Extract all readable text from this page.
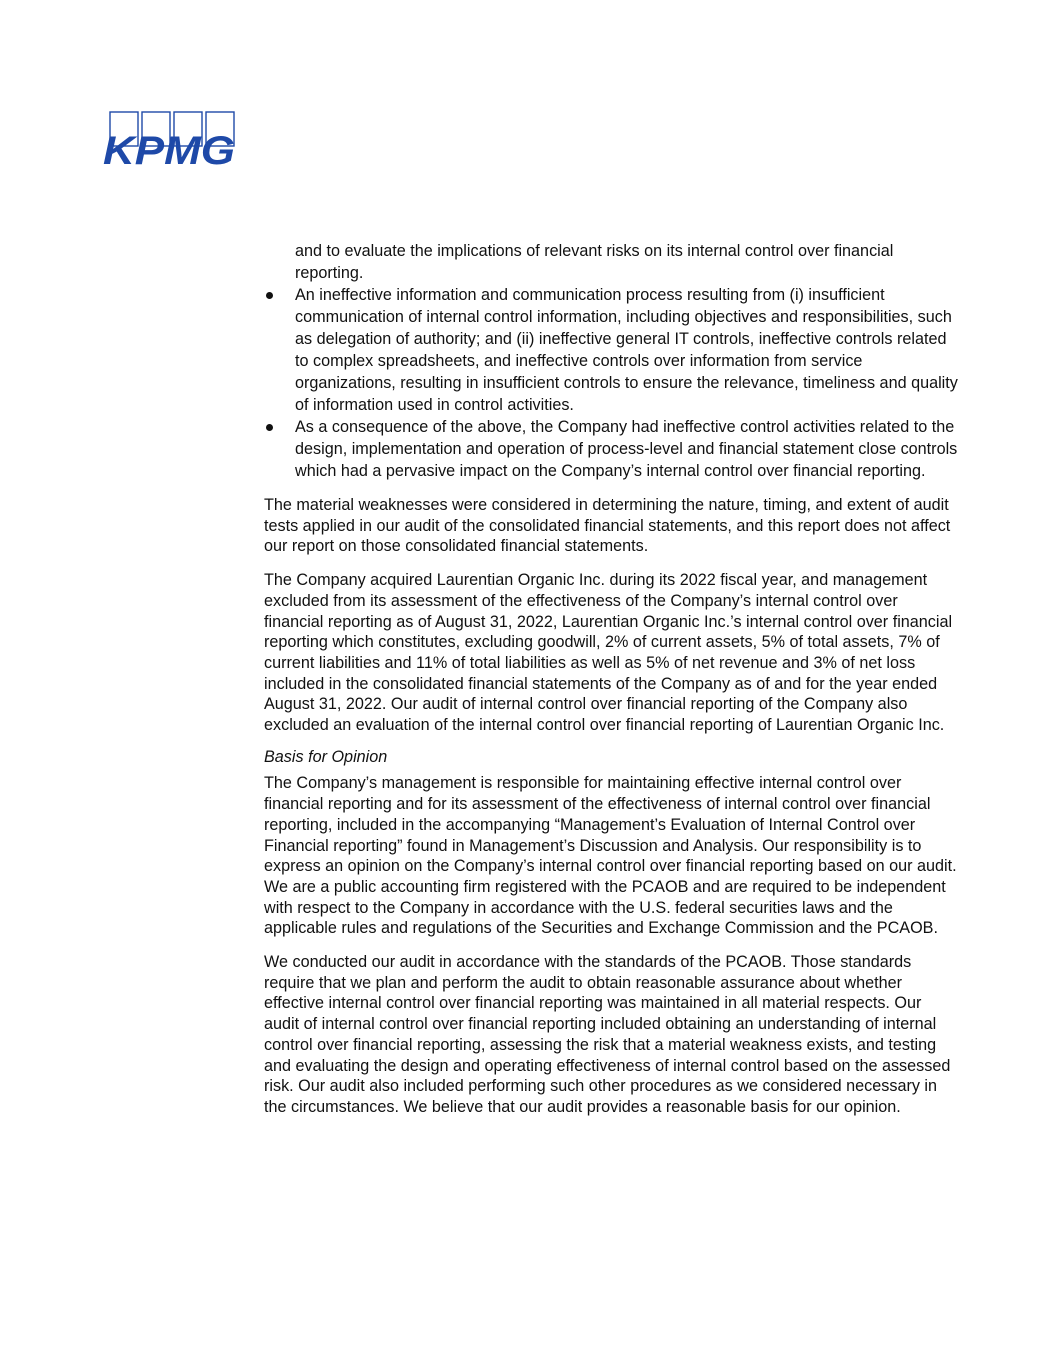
KPMG
and to evaluate the implications of relevant risks on its internal control over financial reporting.
An ineffective information and communication process resulting from (i) insufficient communication of internal control information, including objectives and responsibilities, such as delegation of authority; and (ii) ineffective general IT controls, ineffective controls related to complex spreadsheets, and ineffective controls over information from service organizations, resulting in insufficient controls to ensure the relevance, timeliness and quality of information used in control activities.
As a consequence of the above, the Company had ineffective control activities related to the design, implementation and operation of process-level and financial statement close controls which had a pervasive impact on the Company’s internal control over financial reporting.

The material weaknesses were considered in determining the nature, timing, and extent of audit tests applied in our audit of the consolidated financial statements, and this report does not affect our report on those consolidated financial statements.

The Company acquired Laurentian Organic Inc. during its 2022 fiscal year, and management excluded from its assessment of the effectiveness of the Company’s internal control over financial reporting as of August 31, 2022, Laurentian Organic Inc.’s internal control over financial reporting which constitutes, excluding goodwill, 2% of current assets, 5% of total assets, 7% of current liabilities and 11% of total liabilities as well as 5% of net revenue and 3% of net loss included in the consolidated financial statements of the Company as of and for the year ended August 31, 2022. Our audit of internal control over financial reporting of the Company also excluded an evaluation of the internal control over financial reporting of Laurentian Organic Inc.

Basis for Opinion

The Company’s management is responsible for maintaining effective internal control over financial reporting and for its assessment of the effectiveness of internal control over financial reporting, included in the accompanying “Management’s Evaluation of Internal Control over Financial reporting” found in Management’s Discussion and Analysis. Our responsibility is to express an opinion on the Company’s internal control over financial reporting based on our audit. We are a public accounting firm registered with the PCAOB and are required to be independent with respect to the Company in accordance with the U.S. federal securities laws and the applicable rules and regulations of the Securities and Exchange Commission and the PCAOB.

We conducted our audit in accordance with the standards of the PCAOB. Those standards require that we plan and perform the audit to obtain reasonable assurance about whether effective internal control over financial reporting was maintained in all material respects. Our audit of internal control over financial reporting included obtaining an understanding of internal control over financial reporting, assessing the risk that a material weakness exists, and testing and evaluating the design and operating effectiveness of internal control based on the assessed risk. Our audit also included performing such other procedures as we considered necessary in the circumstances. We believe that our audit provides a reasonable basis for our opinion.
